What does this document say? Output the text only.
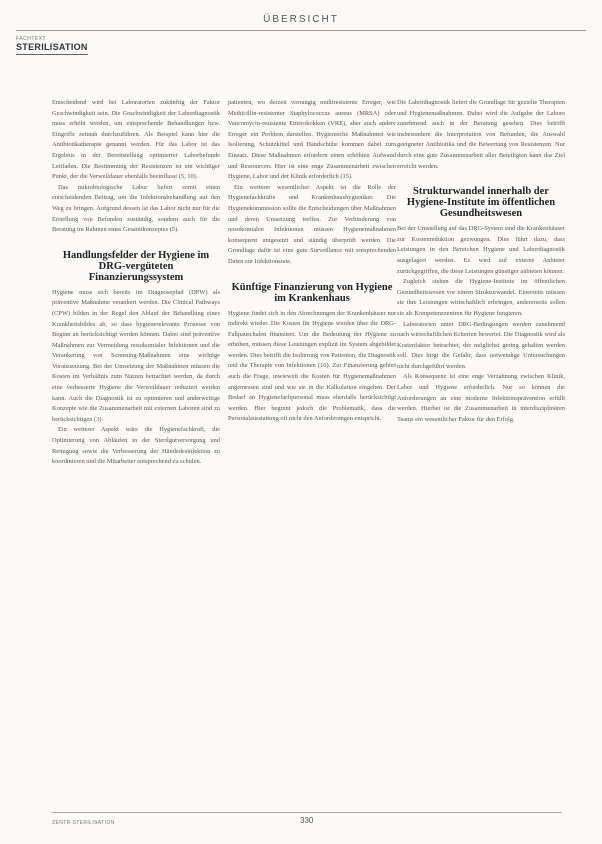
ÜBERSICHT
FACHTEXT
STERILISATION

Entscheidend wird bei Laboratorien zukünftig der Faktor Geschwindigkeit sein. Die Geschwindigkeit der Labordiagnostik muss erhöht werden, um entsprechende Behandlungen bzw. Eingriffe zeitnah durchzuführen. Als Beispiel kann hier die Antibiotikatherapie genannt werden. Für das Labor ist das Ergebnis in der Bereitstellung optimierter Laborbefunde Leitfaden. Die Bestimmung der Resistenzen ist ein wichtiger Punkt, der die Verweildauer ebenfalls beeinflusst (5, 10).

Das mikrobiologische Labor liefert somit einen entscheidenden Beitrag, um die Infektionsbehandlung auf den Weg zu bringen. Aufgrund dessen ist das Labor nicht nur für die Erstellung von Befunden zuständig, sondern auch für die Beratung im Rahmen eines Gesamtkonzeptes (5).

Handlungsfelder der Hygiene im DRG-vergüteten Finanzierungssystem

Hygiene muss sich bereits im Diagnosepfad (DPW) als präventive Maßnahme verankert werden. Die Clinical Pathways (CPW) bilden in der Regel den Ablauf der Behandlung eines Krankheitsbildes ab, so dass hygienerelevante Prozesse von Beginn an berücksichtigt werden können. Dabei sind präventive Maßnahmen zur Vermeidung nosokomialer Infektionen und die Verankerung von Screening-Maßnahmen eine wichtige Voraussetzung. Bei der Umsetzung der Maßnahmen müssen die Kosten im Verhältnis zum Nutzen betrachtet werden, da durch eine verbesserte Hygiene die Verweildauer reduziert werden kann. Auch die Diagnostik ist zu optimieren und anderweitige Konzepte wie die Zusammenarbeit mit externen Laboren sind zu berücksichtigen (3).

Ein weiterer Aspekt wäre die Hygienefachkraft, die Optimierung von Abläufen in der Sterilgutversorgung und Reinigung sowie die Verbesserung der Händedesinfektion zu koordinieren und die Mitarbeiter entsprechend zu schulen.

patienten, wo derzeit vorrangig multiresistente Erreger, wie Methicillin-resistenter Staphylococcus aureus (MRSA) oder Vancomycin-resistente Enterokokken (VRE), aber auch andere Erreger ein Problem darstellen. Hygienische Maßnahmen wie Isolierung, Schutzkittel und Handschuhe kommen dabei zum Einsatz. Diese Maßnahmen erfordern einen erhöhten Aufwand und Ressourcen. Hier ist eine enge Zusammenarbeit zwischen Hygiene, Labor und der Klinik erforderlich (15).

Ein weiterer wesentlicher Aspekt ist die Rolle der Hygienefachkräfte und Krankenhaushygieniker. Die Hygienekommission sollte die Entscheidungen über Maßnahmen und deren Umsetzung treffen. Zur Verhinderung von nosokomialen Infektionen müssen Hygienemaßnahmen konsequent umgesetzt und ständig überprüft werden. Die Grundlage dafür ist eine gute Surveillance mit entsprechenden Daten zur Infektionsrate.

Künftige Finanzierung von Hygiene im Krankenhaus

Hygiene findet sich in den Abrechnungen der Krankenhäuser nur indirekt wieder. Die Kosten für Hygiene werden über die DRG-Fallpauschalen finanziert. Um die Bedeutung der Hygiene zu erhöhen, müssen diese Leistungen explizit im System abgebildet werden. Dies betrifft die Isolierung von Patienten, die Diagnostik und die Therapie von Infektionen (16). Zur Finanzierung gehört auch die Frage, inwieweit die Kosten für Hygienemaßnahmen angemessen sind und wie sie in die Kalkulation eingehen. Der Bedarf an Hygienefachpersonal muss ebenfalls berücksichtigt werden. Hier beginnt jedoch die Problematik, dass die Personalausstattung oft nicht den Anforderungen entspricht.

Die Labordiagnostik liefert die Grundlage für gezielte Therapien und Hygienemaßnahmen. Dabei wird die Aufgabe der Labore zunehmend auch in der Beratung gesehen. Dies betrifft insbesondere die Interpretation von Befunden, die Auswahl geeigneter Antibiotika und die Bewertung von Resistenzen. Nur durch eine gute Zusammenarbeit aller Beteiligten kann das Ziel erreicht werden.

Strukturwandel innerhalb der Hygiene-Institute im öffentlichen Gesundheitswesen

Bei der Umstellung auf das DRG-System sind die Krankenhäuser zur Kostenreduktion gezwungen. Dies führt dazu, dass Leistungen in den Bereichen Hygiene und Labordiagnostik ausgelagert werden. Es wird auf externe Anbieter zurückgegriffen, die diese Leistungen günstiger anbieten können.

Zugleich stehen die Hygiene-Institute im öffentlichen Gesundheitswesen vor einem Strukturwandel. Einerseits müssen sie ihre Leistungen wirtschaftlich erbringen, andererseits sollen sie als Kompetenzzentren für Hygiene fungieren.

Laboratorien unter DRG-Bedingungen werden zunehmend nach wirtschaftlichen Kriterien bewertet. Die Diagnostik wird als Kostenfaktor betrachtet, der möglichst gering gehalten werden soll. Dies birgt die Gefahr, dass notwendige Untersuchungen nicht durchgeführt werden.

Als Konsequenz ist eine enge Verzahnung zwischen Klinik, Labor und Hygiene erforderlich. Nur so können die Anforderungen an eine moderne Infektionsprävention erfüllt werden. Hierbei ist die Zusammenarbeit in interdisziplinären Teams ein wesentlicher Faktor für den Erfolg.

ZENTR STERILISATION	330
